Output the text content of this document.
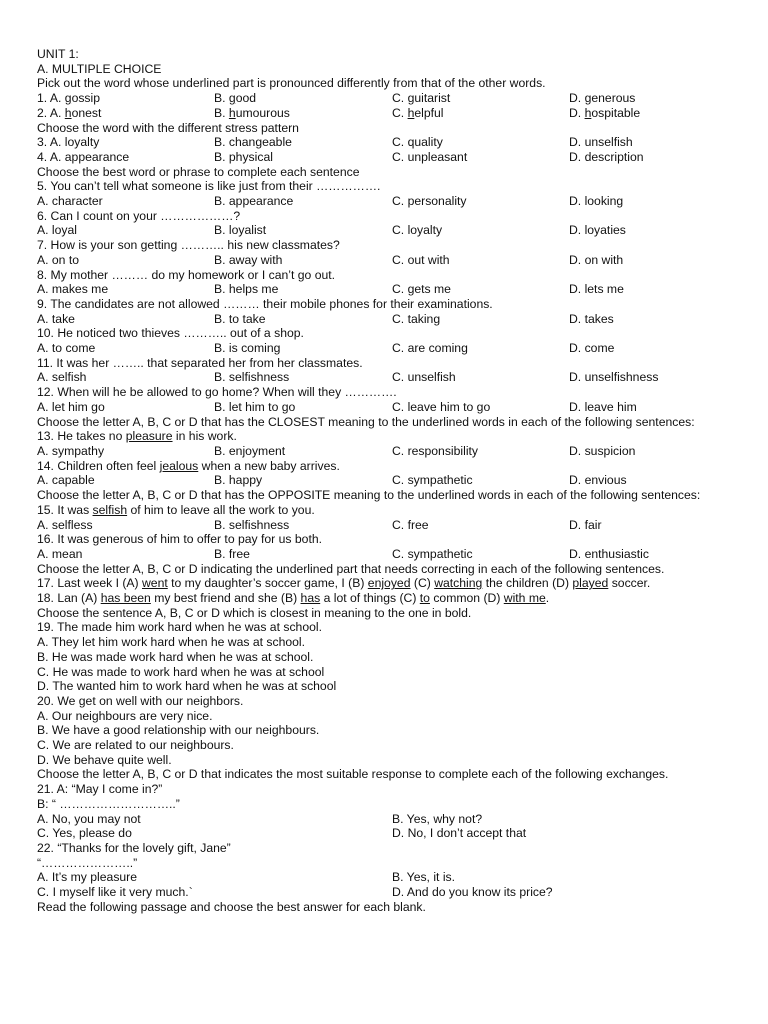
UNIT 1:
A. MULTIPLE CHOICE
Pick out the word whose underlined part is pronounced differently from that of the other words.
1. A. gossip	B. good	C. guitarist	D. generous
2. A. honest	B. humourous	C. helpful	D. hospitable
Choose the word with the different stress pattern
3. A. loyalty	B. changeable	C. quality	D. unselfish
4. A. appearance	B. physical	C. unpleasant	D. description
Choose the best word or phrase to complete each sentence
5. You can’t tell what someone is like just from their …………….
A. character	B. appearance	C. personality	D. looking
6. Can I count on your ………………?
A. loyal	B. loyalist	C. loyalty	D. loyaties
7. How is your son getting ……….. his new classmates?
A. on to	B. away with	C. out with	D. on with
8. My mother ……… do my homework or I can’t go out.
A. makes me	B. helps me	C. gets me	D. lets me
9. The candidates are not allowed ……… their mobile phones for their examinations.
A. take	B. to take	C. taking	D. takes
10. He noticed two thieves ……….. out of a shop.
A. to come	B. is coming	C. are coming	D. come
11. It was her …….. that separated her from her classmates.
A. selfish	B. selfishness	C. unselfish	D. unselfishness
12. When will he be allowed to go home? When will they ………….
A. let him go	B. let him to go	C. leave him to go	D. leave him
Choose the letter A, B, C or D that has the CLOSEST meaning to the underlined words in each of the following sentences:
13. He takes no pleasure in his work.
A. sympathy	B. enjoyment	C. responsibility	D. suspicion
14. Children often feel jealous when a new baby arrives.
A. capable	B. happy	C. sympathetic	D. envious
Choose the letter A, B, C or D that has the OPPOSITE meaning to the underlined words in each of the following sentences:
15. It was selfish of him to leave all the work to you.
A. selfless	B. selfishness	C. free	D. fair
16. It was generous of him to offer to pay for us both.
A. mean	B. free	C. sympathetic	D. enthusiastic
Choose the letter A, B, C or D indicating the underlined part that needs correcting in each of the following sentences.
17. Last week I (A) went to my daughter’s soccer game, I (B) enjoyed (C) watching the children (D) played soccer.
18. Lan (A) has been my best friend and she (B) has a lot of things (C) to common (D) with me.
Choose the sentence A, B, C or D which is closest in meaning to the one in bold.
19. The made him work hard when he was at school.
A. They let him work hard when he was at school.
B. He was made work hard when he was at school.
C. He was made to work hard when he was at school
D. The wanted him to work hard when he was at school
20. We get on well with our neighbors.
A. Our neighbours are very nice.
B. We have a good relationship with our neighbours.
C. We are related to our neighbours.
D. We behave quite well.
Choose the letter A, B, C or D that indicates the most suitable response to complete each of the following exchanges.
21. A: “May I come in?”
B: “ ………………………..”
A. No, you may not	B. Yes, why not?
C. Yes, please do	D. No, I don’t accept that
22. “Thanks for the lovely gift, Jane”
“…………………..”
A. It’s my pleasure	B. Yes, it is.
C. I myself like it very much.`	D. And do you know its price?
Read the following passage and choose the best answer for each blank.
